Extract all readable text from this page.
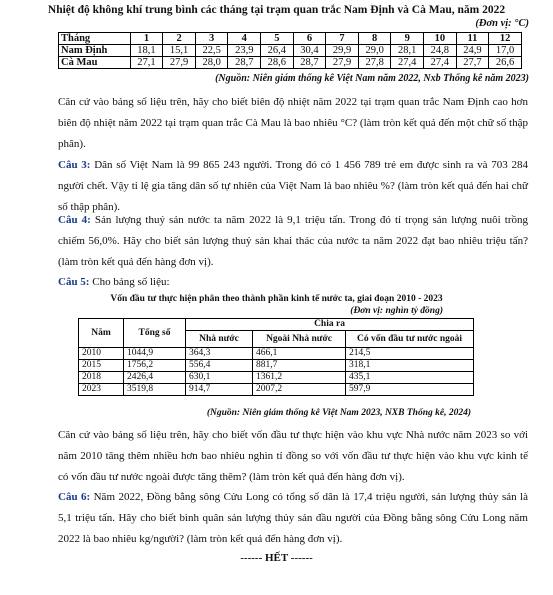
Nhiệt độ không khí trung bình các tháng tại trạm quan trắc Nam Định và Cà Mau, năm 2022
(Đơn vị: °C)
Tháng	1	2	3	4	5	6	7	8	9	10	11	12
Nam Định	18,1	15,1	22,5	23,9	26,4	30,4	29,9	29,0	28,1	24,8	24,9	17,0
Cà Mau	27,1	27,9	28,0	28,7	28,6	28,7	27,9	27,8	27,4	27,4	27,7	26,6
(Nguồn: Niên giám thống kê Việt Nam năm 2022, Nxb Thống kê năm 2023)

Căn cứ vào bảng số liệu trên, hãy cho biết biên độ nhiệt năm 2022 tại trạm quan trắc Nam Định cao hơn biên độ nhiệt năm 2022 tại trạm quan trắc Cà Mau là bao nhiêu °C? (làm tròn kết quả đến một chữ số thập phân).

Câu 3: Dân số Việt Nam là 99 865 243 người. Trong đó có 1 456 789 trẻ em được sinh ra và 703 284 người chết. Vậy tỉ lệ gia tăng dân số tự nhiên của Việt Nam là bao nhiêu %? (làm tròn kết quả đến hai chữ số thập phân).

Câu 4: Sản lượng thuỷ sản nước ta năm 2022 là 9,1 triệu tấn. Trong đó tỉ trọng sản lượng nuôi trồng chiếm 56,0%. Hãy cho biết sản lượng thuỷ sản khai thác của nước ta năm 2022 đạt bao nhiêu triệu tấn? (làm tròn kết quả đến hàng đơn vị).

Câu 5: Cho bảng số liệu:

Vốn đầu tư thực hiện phân theo thành phần kinh tế nước ta, giai đoạn 2010 - 2023
(Đơn vị: nghìn tỷ đồng)
Năm	Tổng số	Chia ra		
		Nhà nước	Ngoài Nhà nước	Có vốn đầu tư nước ngoài
2010	1044,9	364,3	466,1	214,5
2015	1756,2	556,4	881,7	318,1
2018	2426,4	630,1	1361,2	435,1
2023	3519,8	914,7	2007,2	597,9
(Nguồn: Niên giám thống kê Việt Nam 2023, NXB Thống kê, 2024)

Căn cứ vào bảng số liệu trên, hãy cho biết vốn đầu tư thực hiện vào khu vực Nhà nước năm 2023 so với năm 2010 tăng thêm nhiều hơn bao nhiêu nghìn tỉ đồng so với vốn đầu tư thực hiện vào khu vực kinh tế có vốn đầu tư nước ngoài được tăng thêm? (làm tròn kết quả đến hàng đơn vị).

Câu 6: Năm 2022, Đồng bằng sông Cửu Long có tổng số dân là 17,4 triệu người, sản lượng thủy sản là 5,1 triệu tấn. Hãy cho biết bình quân sản lượng thủy sản đầu người của Đồng bằng sông Cửu Long năm 2022 là bao nhiêu kg/người? (làm tròn kết quả đến hàng đơn vị).

------ HẾT ------
